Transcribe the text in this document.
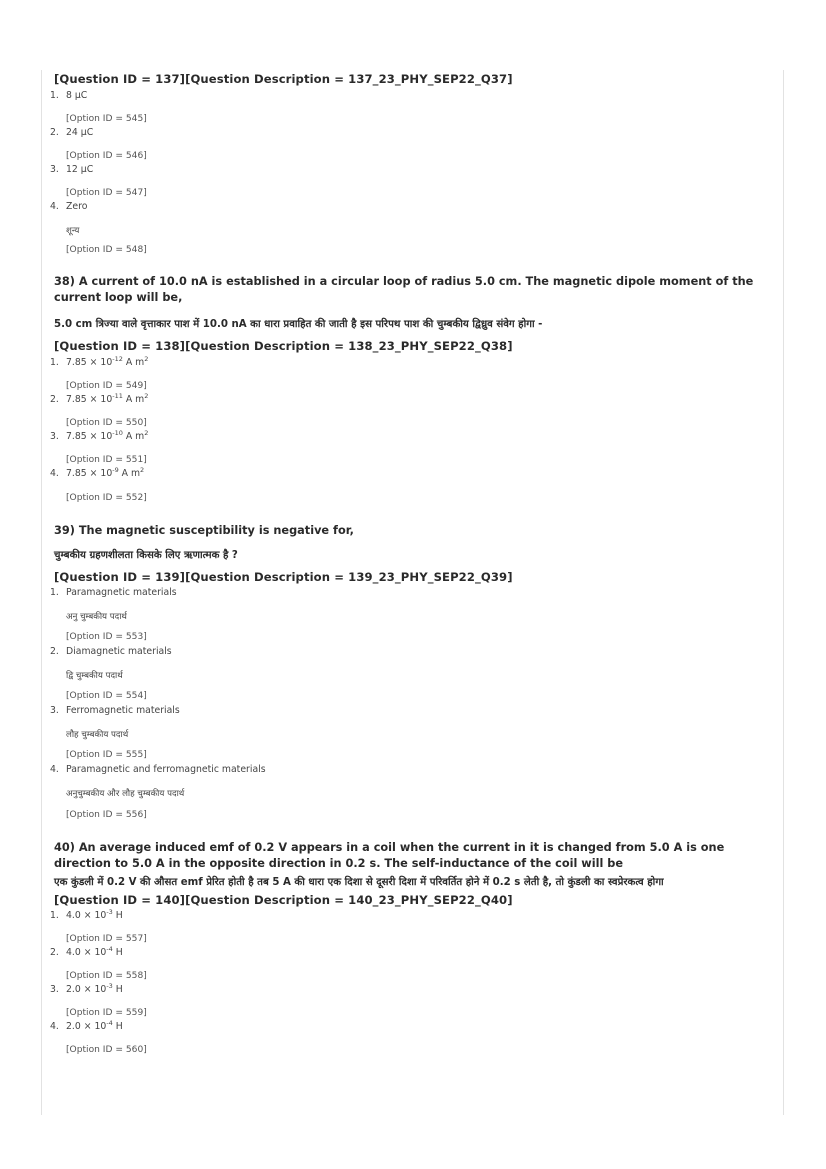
[Question ID = 137][Question Description = 137_23_PHY_SEP22_Q37]
1. 8 μC
[Option ID = 545]
2. 24 μC
[Option ID = 546]
3. 12 μC
[Option ID = 547]
4. Zero
शून्य
[Option ID = 548]
38) A current of 10.0 nA is established in a circular loop of radius 5.0 cm. The magnetic dipole moment of the current loop will be,
5.0 cm त्रिज्या वाले वृत्ताकार पाश में 10.0 nA का धारा प्रवाहित की जाती है इस परिपथ पाश की चुम्बकीय द्विध्रुव संवेग होगा -
[Question ID = 138][Question Description = 138_23_PHY_SEP22_Q38]
1. $7.85 \times 10^{-12}$ A $m^2$
[Option ID = 549]
2. $7.85 \times 10^{-11}$ A $m^2$
[Option ID = 550]
3. $7.85 \times 10^{-10}$ A $m^2$
[Option ID = 551]
4. $7.85 \times 10^{-9}$ A $m^2$
[Option ID = 552]
39) The magnetic susceptibility is negative for,
चुम्बकीय ग्रहणशीलता किसके लिए ऋणात्मक है ?
[Question ID = 139][Question Description = 139_23_PHY_SEP22_Q39]
1. Paramagnetic materials
अनु चुम्बकीय पदार्थ
[Option ID = 553]
2. Diamagnetic materials
द्वि चुम्बकीय पदार्थ
[Option ID = 554]
3. Ferromagnetic materials
लौह चुम्बकीय पदार्थ
[Option ID = 555]
4. Paramagnetic and ferromagnetic materials
अनुचुम्बकीय और लौह चुम्बकीय पदार्थ
[Option ID = 556]
40) An average induced emf of 0.2 V appears in a coil when the current in it is changed from 5.0 A is one direction to 5.0 A in the opposite direction in 0.2 s. The self-inductance of the coil will be
एक कुंडली में 0.2 V की औसत emf प्रेरित होती है तब 5 A की धारा एक दिशा से दूसरी दिशा में परिवर्तित होने में 0.2 s लेती है, तो कुंडली का स्वप्रेरकत्व होगा
[Question ID = 140][Question Description = 140_23_PHY_SEP22_Q40]
1. $4.0 \times 10^{-3}$ H
[Option ID = 557]
2. $4.0 \times 10^{-4}$ H
[Option ID = 558]
3. $2.0 \times 10^{-3}$ H
[Option ID = 559]
4. $2.0 \times 10^{-4}$ H
[Option ID = 560]
